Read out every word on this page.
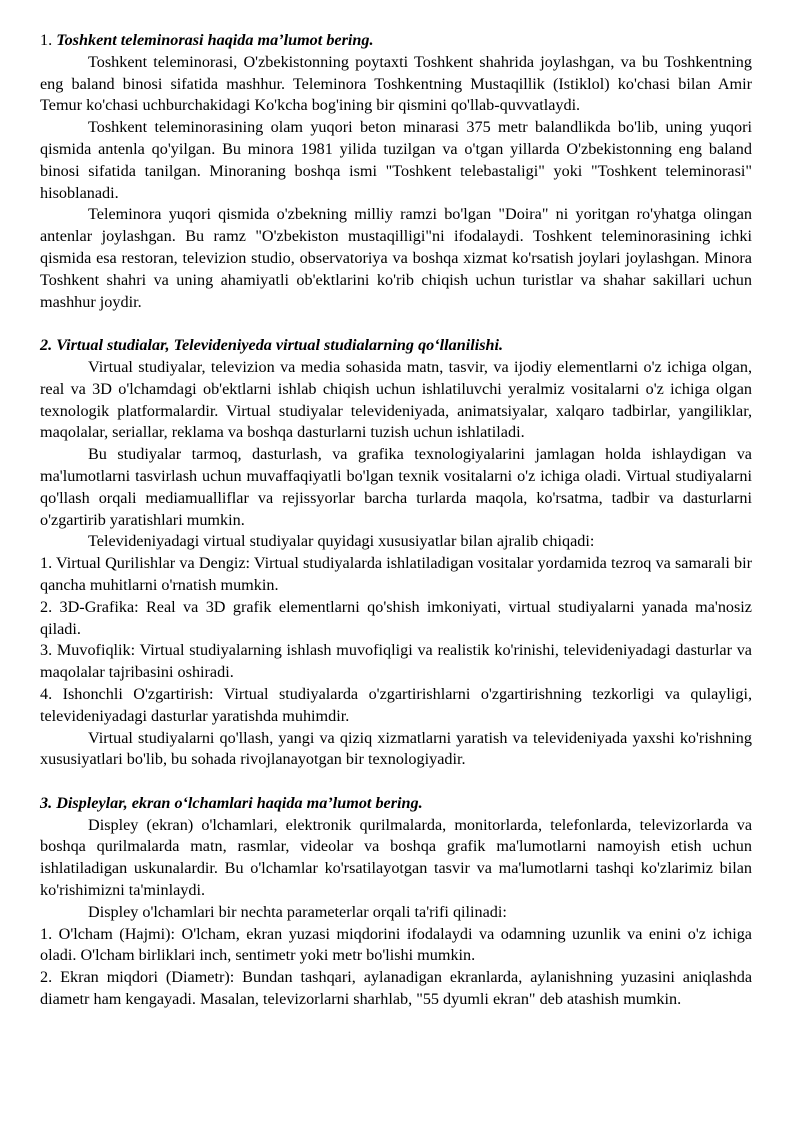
1. Toshkent teleminorasi haqida ma’lumot bering.

Toshkent teleminorasi, O'zbekistonning poytaxti Toshkent shahrida joylashgan, va bu Toshkentning eng baland binosi sifatida mashhur. Teleminora Toshkentning Mustaqillik (Istiklol) ko'chasi bilan Amir Temur ko'chasi uchburchakidagi Ko'kcha bog'ining bir qismini qo'llab-quvvatlaydi.

Toshkent teleminorasining olam yuqori beton minarasi 375 metr balandlikda bo'lib, uning yuqori qismida antenla qo'yilgan. Bu minora 1981 yilida tuzilgan va o'tgan yillarda O'zbekistonning eng baland binosi sifatida tanilgan. Minoraning boshqa ismi "Toshkent telebastaligi" yoki "Toshkent teleminorasi" hisoblanadi.

Teleminora yuqori qismida o'zbekning milliy ramzi bo'lgan "Doira" ni yoritgan ro'yhatga olingan antenlar joylashgan. Bu ramz "O'zbekiston mustaqilligi"ni ifodalaydi. Toshkent teleminorasining ichki qismida esa restoran, televizion studio, observatoriya va boshqa xizmat ko'rsatish joylari joylashgan. Minora Toshkent shahri va uning ahamiyatli ob'ektlarini ko'rib chiqish uchun turistlar va shahar sakillari uchun mashhur joydir.

2. Virtual studialar, Televideniyeda virtual studialarning qo‘llanilishi.

Virtual studiyalar, televizion va media sohasida matn, tasvir, va ijodiy elementlarni o'z ichiga olgan, real va 3D o'lchamdagi ob'ektlarni ishlab chiqish uchun ishlatiluvchi yeralmiz vositalarni o'z ichiga olgan texnologik platformalardir. Virtual studiyalar televideniyada, animatsiyalar, xalqaro tadbirlar, yangiliklar, maqolalar, seriallar, reklama va boshqa dasturlarni tuzish uchun ishlatiladi.

Bu studiyalar tarmoq, dasturlash, va grafika texnologiyalarini jamlagan holda ishlaydigan va ma'lumotlarni tasvirlash uchun muvaffaqiyatli bo'lgan texnik vositalarni o'z ichiga oladi. Virtual studiyalarni qo'llash orqali mediamualliflar va rejissyorlar barcha turlarda maqola, ko'rsatma, tadbir va dasturlarni o'zgartirib yaratishlari mumkin.

Televideniyadagi virtual studiyalar quyidagi xususiyatlar bilan ajralib chiqadi:

1. Virtual Qurilishlar va Dengiz: Virtual studiyalarda ishlatiladigan vositalar yordamida tezroq va samarali bir qancha muhitlarni o'rnatish mumkin.

2. 3D-Grafika: Real va 3D grafik elementlarni qo'shish imkoniyati, virtual studiyalarni yanada ma'nosiz qiladi.

3. Muvofiqlik: Virtual studiyalarning ishlash muvofiqligi va realistik ko'rinishi, televideniyadagi dasturlar va maqolalar tajribasini oshiradi.

4. Ishonchli O'zgartirish: Virtual studiyalarda o'zgartirishlarni o'zgartirishning tezkorligi va qulayligi, televideniyadagi dasturlar yaratishda muhimdir.

Virtual studiyalarni qo'llash, yangi va qiziq xizmatlarni yaratish va televideniyada yaxshi ko'rishning xususiyatlari bo'lib, bu sohada rivojlanayotgan bir texnologiyadir.

3. Displeylar, ekran o‘lchamlari haqida ma’lumot bering.

Displey (ekran) o'lchamlari, elektronik qurilmalarda, monitorlarda, telefonlarda, televizorlarda va boshqa qurilmalarda matn, rasmlar, videolar va boshqa grafik ma'lumotlarni namoyish etish uchun ishlatiladigan uskunalardir. Bu o'lchamlar ko'rsatilayotgan tasvir va ma'lumotlarni tashqi ko'zlarimiz bilan ko'rishimizni ta'minlaydi.

Displey o'lchamlari bir nechta parameterlar orqali ta'rifi qilinadi:

1. O'lcham (Hajmi): O'lcham, ekran yuzasi miqdorini ifodalaydi va odamning uzunlik va enini o'z ichiga oladi. O'lcham birliklari inch, sentimetr yoki metr bo'lishi mumkin.

2. Ekran miqdori (Diametr): Bundan tashqari, aylanadigan ekranlarda, aylanishning yuzasini aniqlashda diametr ham kengayadi. Masalan, televizorlarni sharhlab, "55 dyumli ekran" deb atashish mumkin.
